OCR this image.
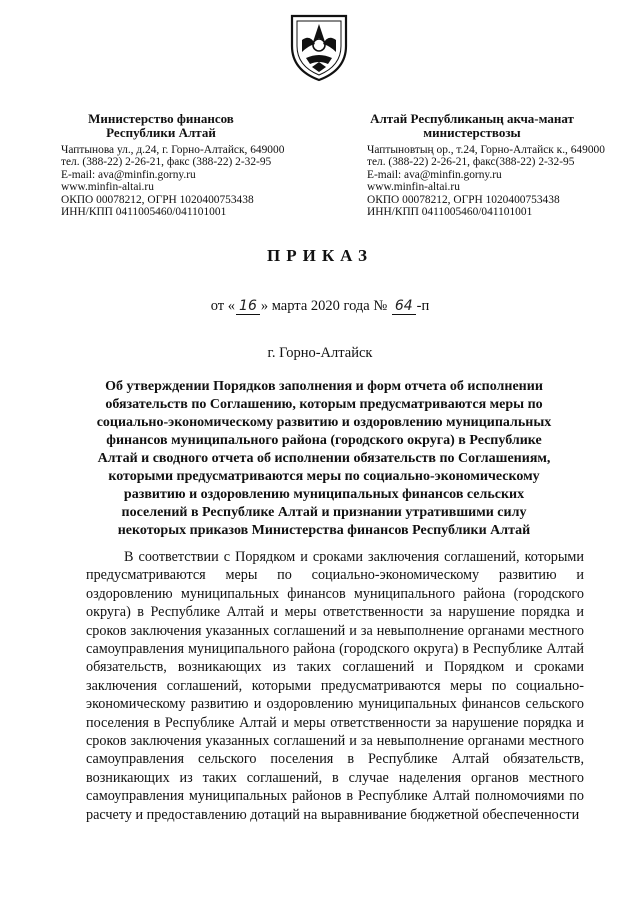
Министерство финансов Республики Алтай

Чаптынова ул., д.24, г. Горно-Алтайск, 649000
тел. (388-22) 2-26-21, факс (388-22) 2-32-95
E-mail: ava@minfin.gorny.ru
www.minfin-altai.ru
ОКПО 00078212, ОГРН 1020400753438
ИНН/КПП 0411005460/041101001

Алтай Республиканың акча-манат министерствозы

Чаптыновтың ор., т.24, Горно-Алтайск к., 649000
тел. (388-22) 2-26-21, факс(388-22) 2-32-95
E-mail: ava@minfin.gorny.ru
www.minfin-altai.ru
ОКПО 00078212, ОГРН 1020400753438
ИНН/КПП 0411005460/041101001
ПРИКАЗ
от « 16 » марта 2020 года № 64 -п
г. Горно-Алтайск

Об утверждении Порядков заполнения и форм отчета об исполнении обязательств по Соглашению, которым предусматриваются меры по социально-экономическому развитию и оздоровлению муниципальных финансов муниципального района (городского округа) в Республике Алтай и сводного отчета об исполнении обязательств по Соглашениям, которыми предусматриваются меры по социально-экономическому развитию и оздоровлению муниципальных финансов сельских поселений в Республике Алтай и признании утратившими силу некоторых приказов Министерства финансов Республики Алтай

В соответствии с Порядком и сроками заключения соглашений, которыми предусматриваются меры по социально-экономическому развитию и оздоровлению муниципальных финансов муниципального района (городского округа) в Республике Алтай и меры ответственности за нарушение порядка и сроков заключения указанных соглашений и за невыполнение органами местного самоуправления муниципального района (городского округа) в Республике Алтай обязательств, возникающих из таких соглашений и Порядком и сроками заключения соглашений, которыми предусматриваются меры по социально-экономическому развитию и оздоровлению муниципальных финансов сельского поселения в Республике Алтай и меры ответственности за нарушение порядка и сроков заключения указанных соглашений и за невыполнение органами местного самоуправления сельского поселения в Республике Алтай обязательств, возникающих из таких соглашений, в случае наделения органов местного самоуправления муниципальных районов в Республике Алтай полномочиями по расчету и предоставлению дотаций на выравнивание бюджетной обеспеченности
